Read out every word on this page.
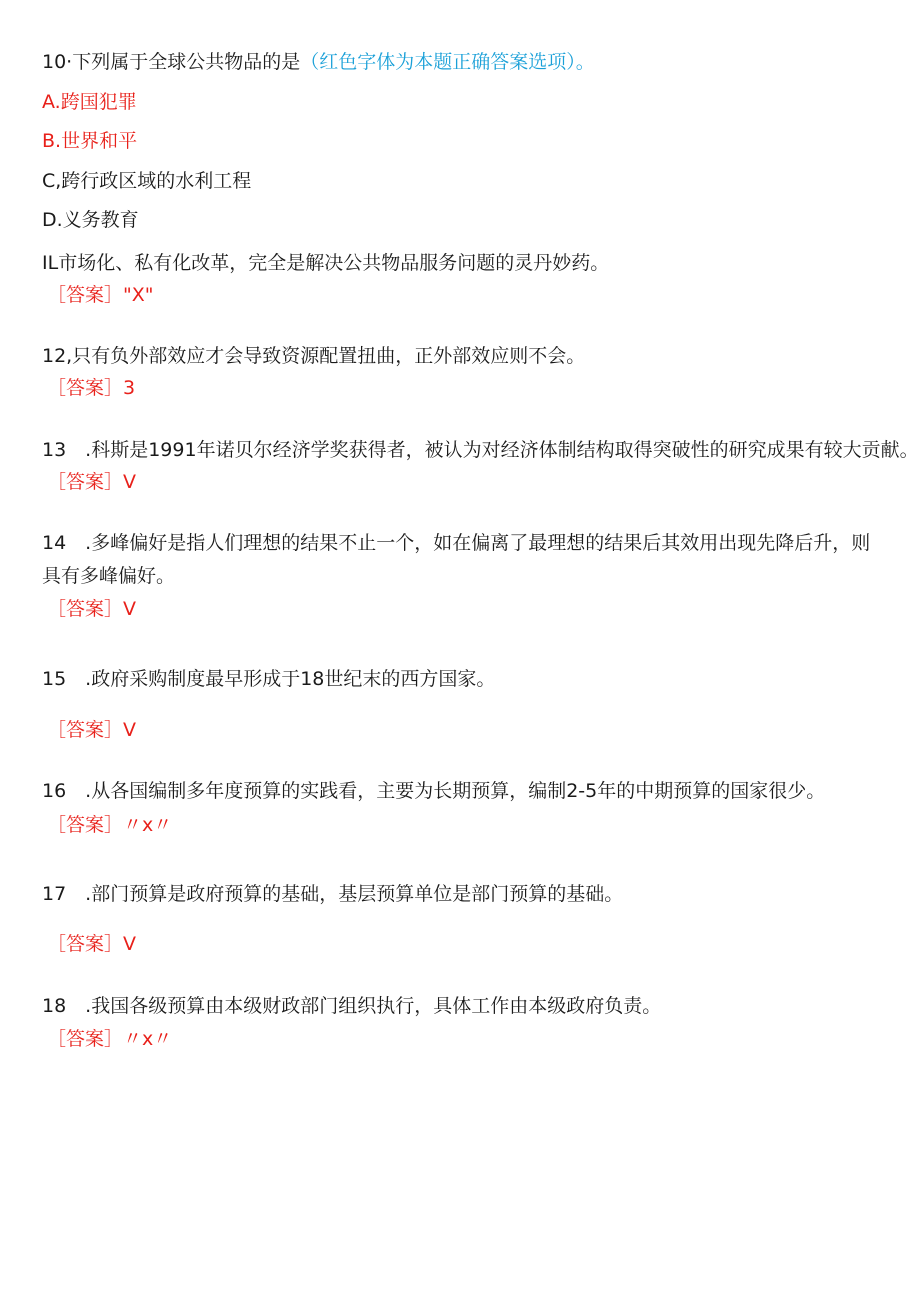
10·下列属于全球公共物品的是（红色字体为本题正确答案选项）。
A.跨国犯罪
B.世界和平
C,跨行政区域的水利工程
D.义务教育
IL市场化、私有化改革，完全是解决公共物品服务问题的灵丹妙药。
［答案］"X"
12,只有负外部效应才会导致资源配置扭曲，正外部效应则不会。
［答案］3
13　.科斯是1991年诺贝尔经济学奖获得者，被认为对经济体制结构取得突破性的研究成果有较大贡献。
［答案］V
14　.多峰偏好是指人们理想的结果不止一个，如在偏离了最理想的结果后其效用出现先降后升，则具有多峰偏好。
［答案］V
15　.政府采购制度最早形成于18世纪末的西方国家。
［答案］V
16　.从各国编制多年度预算的实践看，主要为长期预算，编制2-5年的中期预算的国家很少。
［答案］〃x〃
17　.部门预算是政府预算的基础，基层预算单位是部门预算的基础。
［答案］V
18　.我国各级预算由本级财政部门组织执行，具体工作由本级政府负责。
［答案］〃x〃
